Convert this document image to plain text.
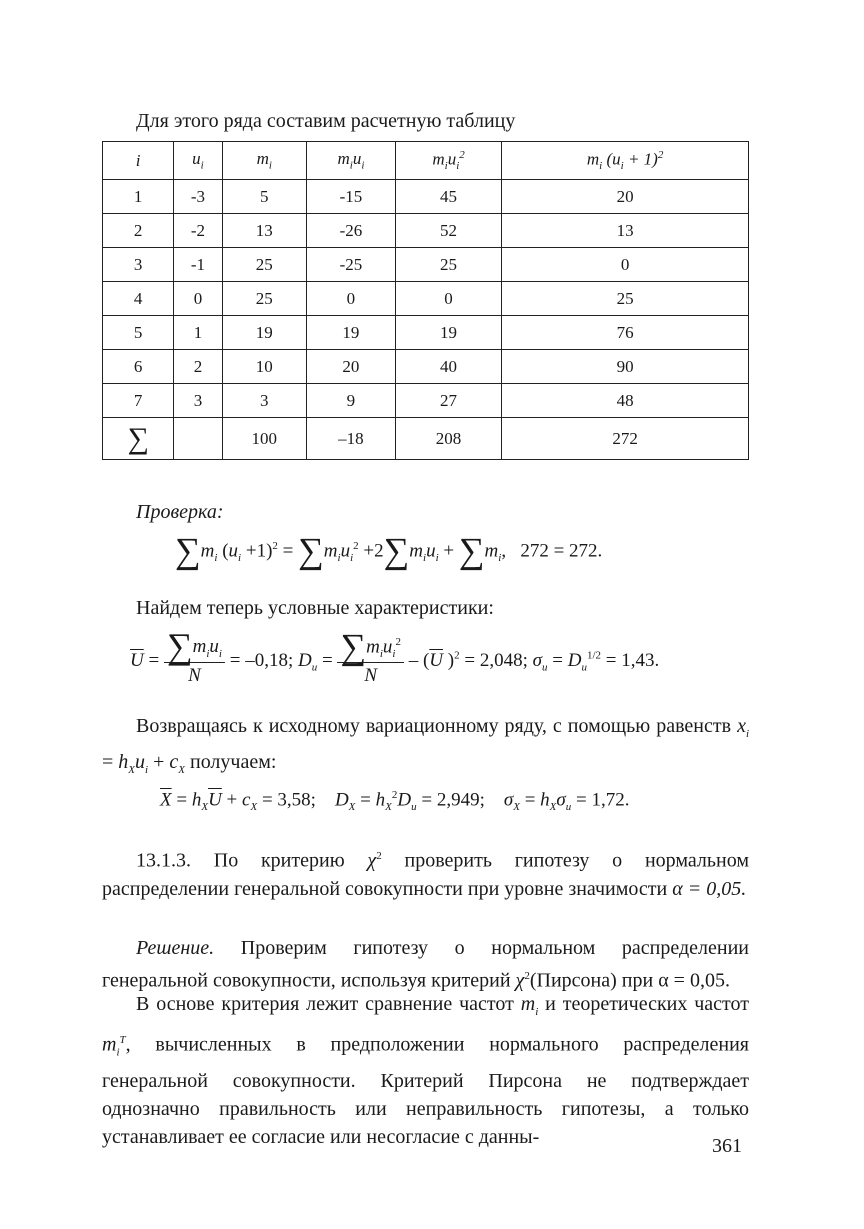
Для этого ряда составим расчетную таблицу
i	$u_i$	$m_i$	$m_iu_i$	$m_iu_i^2$	$m_i$ $(u_i + 1)^2$
1	-3	5	-15	45	20
2	-2	13	-26	52	13
3	-1	25	-25	25	0
4	0	25	0	0	25
5	1	19	19	19	76
6	2	10	20	40	90
7	3	3	9	27	48
∑		100	–18	208	272
Проверка:
$\sum m_i$ $(u_i +1)^2 = \sum m_iu_i^2 +2\sum m_iu_i + \sum m_i$,   272 = 272.
Найдем теперь условные характеристики:
$\overline{U} = \frac{\sum m_iu_i}{N} = -0,18$; $D_u = \frac{\sum m_iu_i^2}{N} - (\overline{U}$ )$^2$ = 2,048; $\sigma_u = D_u^{1/2} = 1,43$.
Возвращаясь к исходному вариационному ряду, с помощью равенств $x_i = h_Xu_i + c_X$ получаем:
$\overline{X} = h_X\overline{U} + c_X = 3,58$; $D_X = h_X^2D_u = 2,949$; $\sigma_X = h_X\sigma_u = 1,72$.
13.1.3. По критерию $\chi^2$ проверить гипотезу о нормальном распределении генеральной совокупности при уровне значимости α = 0,05.
Решение. Проверим гипотезу о нормальном распределении генеральной совокупности, используя критерий $\chi^2(Пирсона)$ при α = 0,05.
В основе критерия лежит сравнение частот $m_i$ и теоретических частот $m_i^T$, вычисленных в предположении нормального распределения генеральной совокупности. Критерий Пирсона не подтверждает однозначно правильность или неправильность гипотезы, а только устанавливает ее согласие или несогласие с данны-	361
